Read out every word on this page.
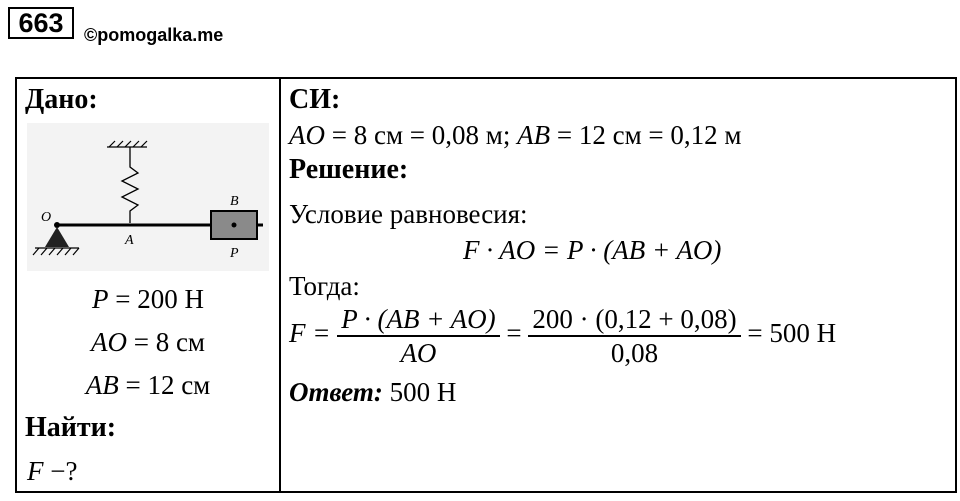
663	©pomogalka.me
Дано:
O
A
B
P
P = 200 Н
AO = 8 см
AB = 12 см
Найти:
F −?
СИ:
AO = 8 см = 0,08 м; AB = 12 см = 0,12 м
Решение:
Условие равновесия:
F · AO = P · (AB + AO)
Тогда:
$F = \frac{P \cdot (AB + AO)}{AO} = \frac{200 \cdot (0,12 + 0,08)}{0,08} = 500$ Н
Ответ: 500 Н
